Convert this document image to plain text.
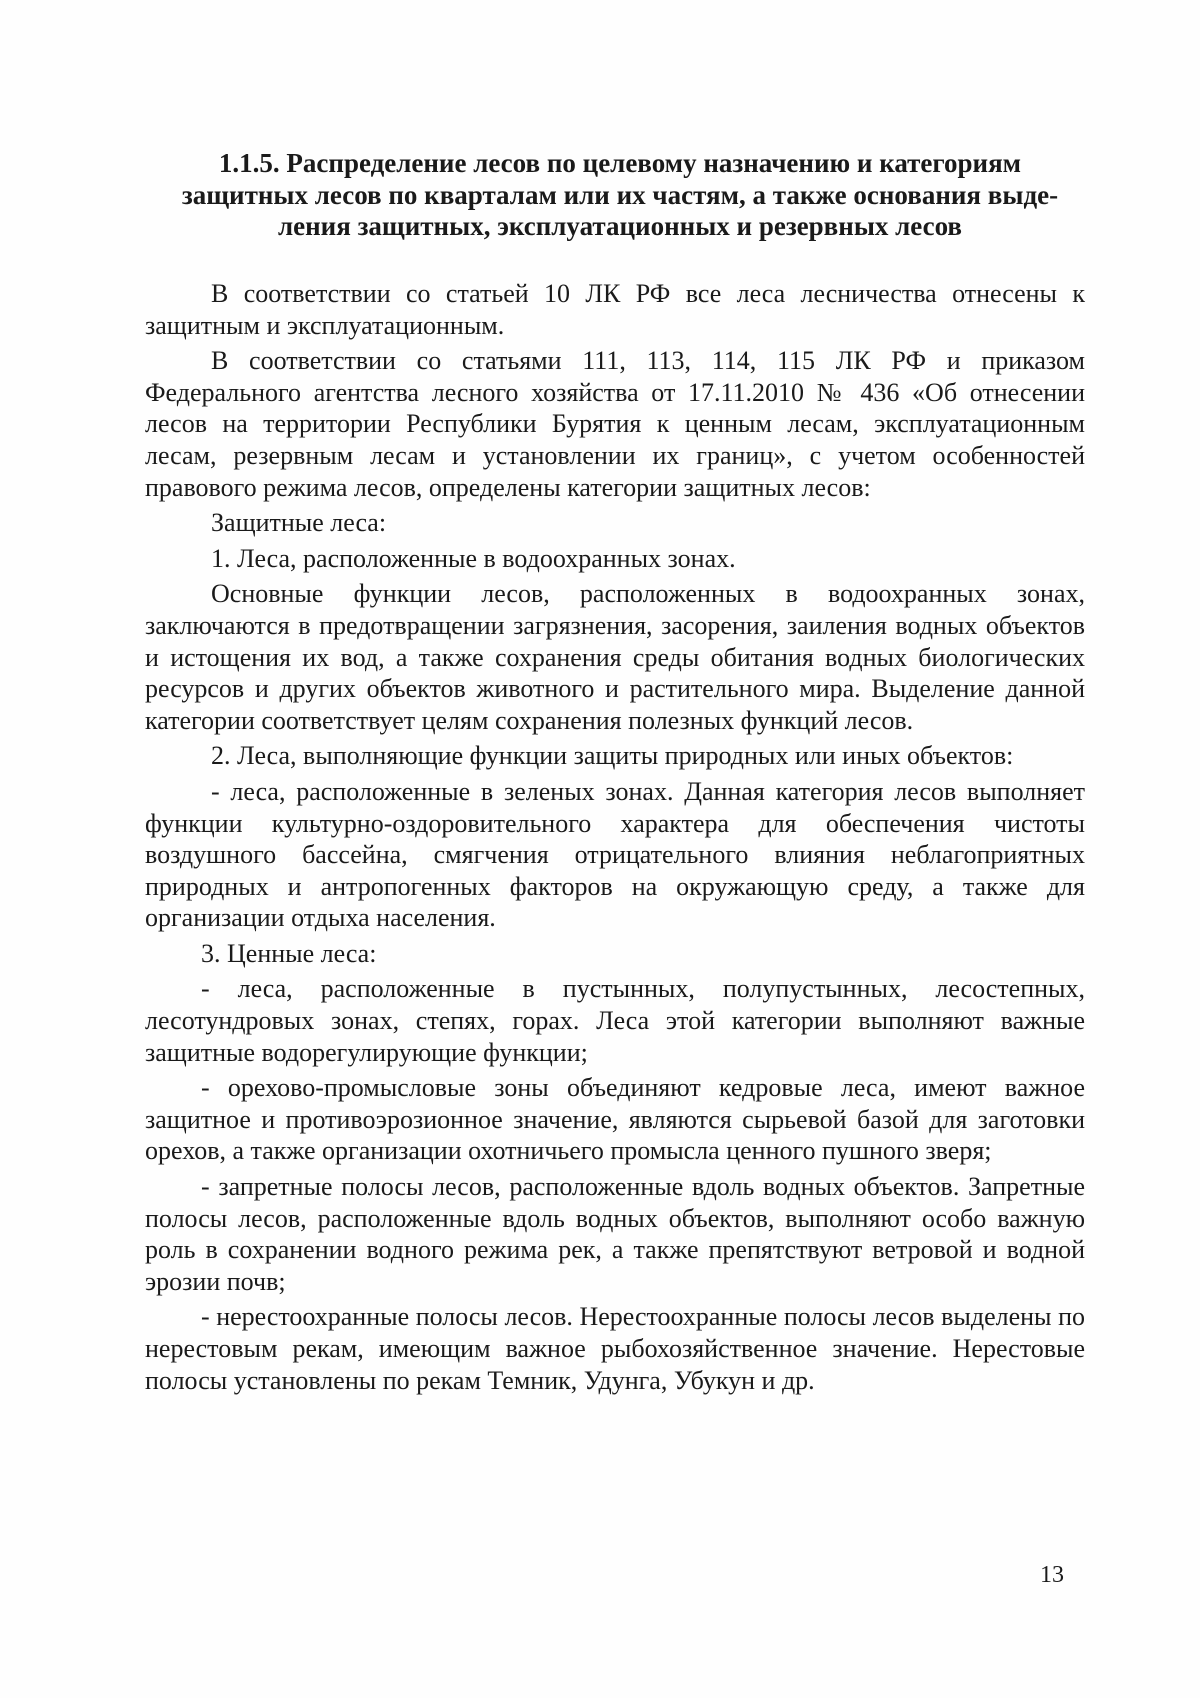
1.1.5. Распределение лесов по целевому назначению и категориям
защитных лесов по кварталам или их частям, а также основания выде-
ления защитных, эксплуатационных и резервных лесов

В соответствии со статьей 10 ЛК РФ все леса лесничества отнесены к защитным и эксплуатационным.

В соответствии со статьями 111, 113, 114, 115 ЛК РФ и приказом Федерального агентства лесного хозяйства от 17.11.2010 № 436 «Об отнесении лесов на территории Республики Бурятия к ценным лесам, эксплуатационным лесам, резервным лесам и установлении их границ», с учетом особенностей правового режима лесов, определены категории защитных лесов:

Защитные леса:

1. Леса, расположенные в водоохранных зонах.

Основные функции лесов, расположенных в водоохранных зонах, заключаются в предотвращении загрязнения, засорения, заиления водных объектов и истощения их вод, а также сохранения среды обитания водных биологических ресурсов и других объектов животного и растительного мира. Выделение данной категории соответствует целям сохранения полезных функций лесов.

2. Леса, выполняющие функции защиты природных или иных объектов:

- леса, расположенные в зеленых зонах. Данная категория лесов выполняет функции культурно-оздоровительного характера для обеспечения чистоты воздушного бассейна, смягчения отрицательного влияния неблагоприятных природных и антропогенных факторов на окружающую среду, а также для организации отдыха населения.

3. Ценные леса:

- леса, расположенные в пустынных, полупустынных, лесостепных, лесотундровых зонах, степях, горах. Леса этой категории выполняют важные защитные водорегулирующие функции;

- орехово-промысловые зоны объединяют кедровые леса, имеют важное защитное и противоэрозионное значение, являются сырьевой базой для заготовки орехов, а также организации охотничьего промысла ценного пушного зверя;

- запретные полосы лесов, расположенные вдоль водных объектов. Запретные полосы лесов, расположенные вдоль водных объектов, выполняют особо важную роль в сохранении водного режима рек, а также препятствуют ветровой и водной эрозии почв;

- нерестоохранные полосы лесов. Нерестоохранные полосы лесов выделены по нерестовым рекам, имеющим важное рыбохозяйственное значение. Нерестовые полосы установлены по рекам Темник, Удунга, Убукун и др.

13
